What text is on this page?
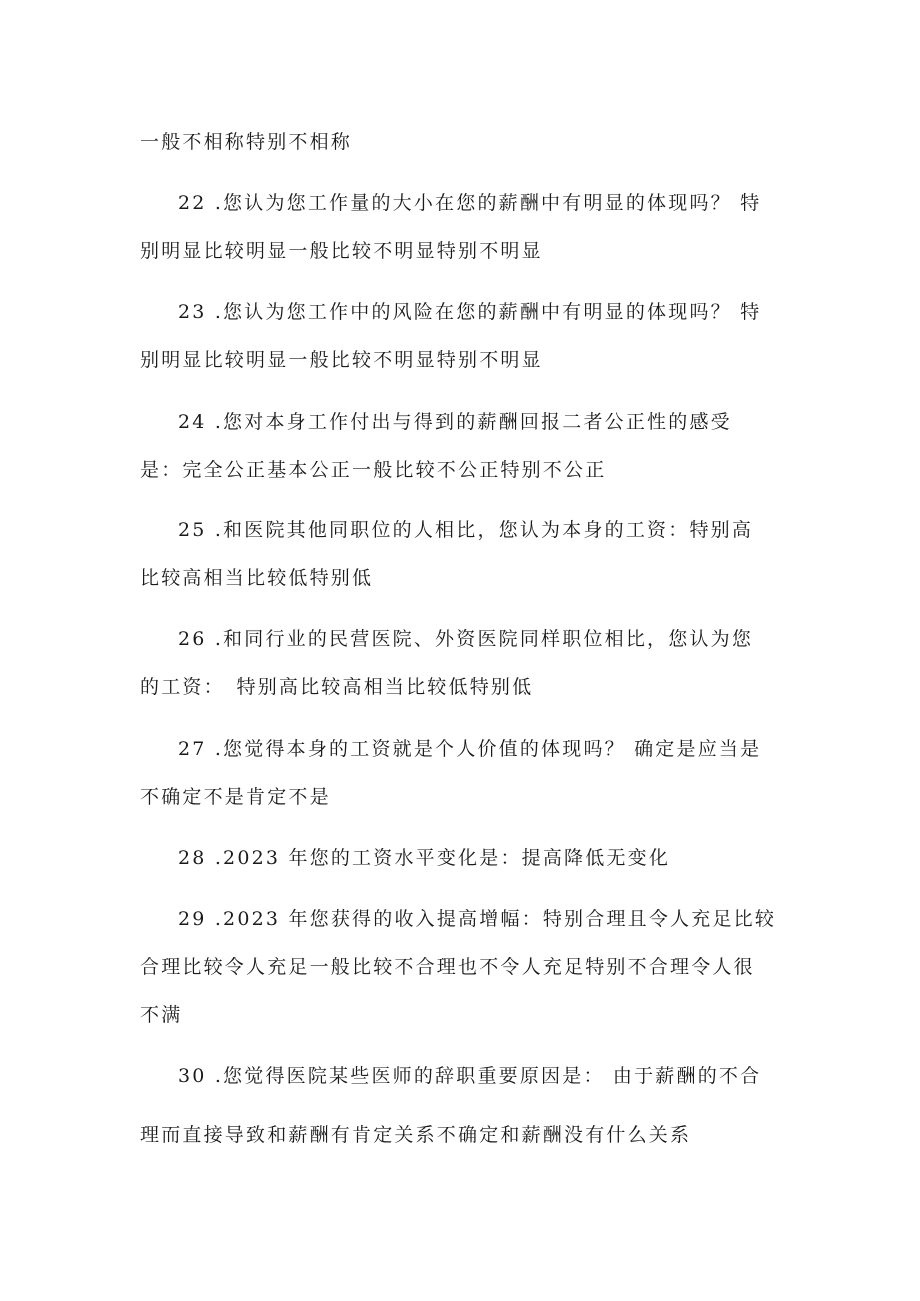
一般不相称特别不相称
22 .您认为您工作量的大小在您的薪酬中有明显的体现吗？ 特
别明显比较明显一般比较不明显特别不明显
23 .您认为您工作中的风险在您的薪酬中有明显的体现吗？ 特
别明显比较明显一般比较不明显特别不明显
24 .您对本身工作付出与得到的薪酬回报二者公正性的感受
是：完全公正基本公正一般比较不公正特别不公正
25 .和医院其他同职位的人相比，您认为本身的工资：特别高
比较高相当比较低特别低
26 .和同行业的民营医院、外资医院同样职位相比，您认为您
的工资：　特别高比较高相当比较低特别低
27 .您觉得本身的工资就是个人价值的体现吗？ 确定是应当是
不确定不是肯定不是
28 .2023 年您的工资水平变化是：提高降低无变化
29 .2023 年您获得的收入提高增幅：特别合理且令人充足比较
合理比较令人充足一般比较不合理也不令人充足特别不合理令人很
不满
30 .您觉得医院某些医师的辞职重要原因是： 由于薪酬的不合
理而直接导致和薪酬有肯定关系不确定和薪酬没有什么关系
